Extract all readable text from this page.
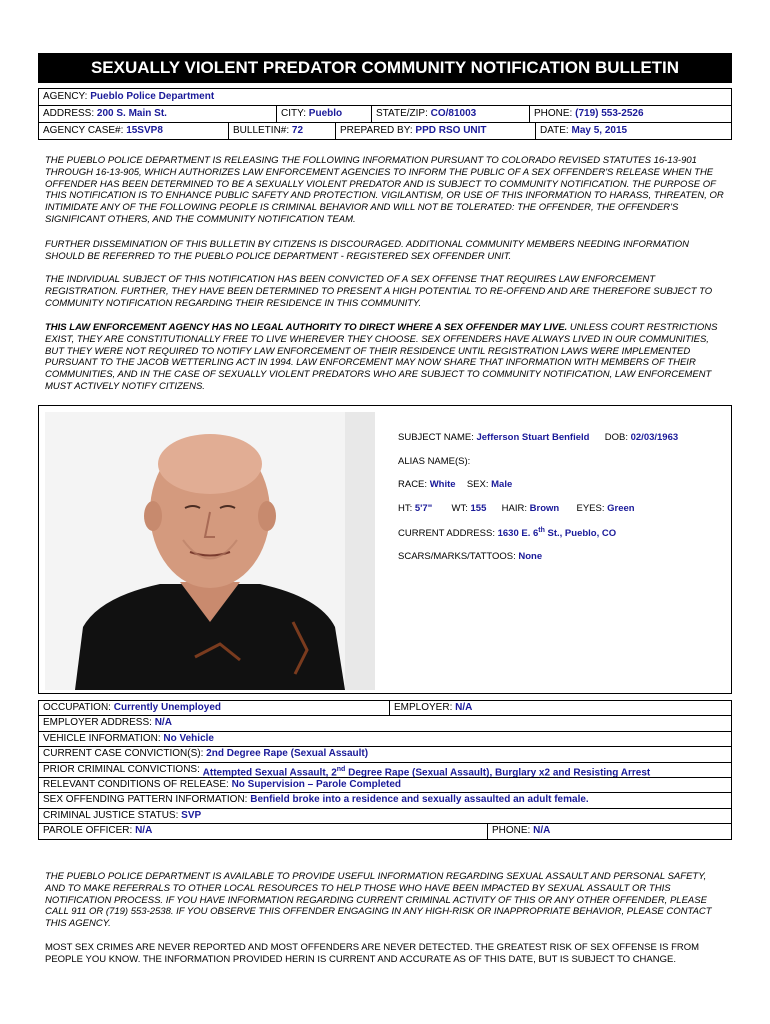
SEXUALLY VIOLENT PREDATOR COMMUNITY NOTIFICATION BULLETIN
AGENCY: Pueblo Police Department
ADDRESS: 200 S. Main St.	CITY: Pueblo	STATE/ZIP: CO/81003	PHONE: (719) 553-2526
AGENCY CASE#: 15SVP8	BULLETIN#: 72	PREPARED BY: PPD RSO UNIT	DATE: May 5, 2015

THE PUEBLO POLICE DEPARTMENT IS RELEASING THE FOLLOWING INFORMATION PURSUANT TO COLORADO REVISED STATUTES 16-13-901 THROUGH 16-13-905, WHICH AUTHORIZES LAW ENFORCEMENT AGENCIES TO INFORM THE PUBLIC OF A SEX OFFENDER'S RELEASE WHEN THE OFFENDER HAS BEEN DETERMINED TO BE A SEXUALLY VIOLENT PREDATOR AND IS SUBJECT TO COMMUNITY NOTIFICATION. THE PURPOSE OF THIS NOTIFICATION IS TO ENHANCE PUBLIC SAFETY AND PROTECTION. VIGILANTISM, OR USE OF THIS INFORMATION TO HARASS, THREATEN, OR INTIMIDATE ANY OF THE FOLLOWING PEOPLE IS CRIMINAL BEHAVIOR AND WILL NOT BE TOLERATED: THE OFFENDER, THE OFFENDER'S SIGNIFICANT OTHERS, AND THE COMMUNITY NOTIFICATION TEAM.

FURTHER DISSEMINATION OF THIS BULLETIN BY CITIZENS IS DISCOURAGED. ADDITIONAL COMMUNITY MEMBERS NEEDING INFORMATION SHOULD BE REFERRED TO THE PUEBLO POLICE DEPARTMENT - REGISTERED SEX OFFENDER UNIT.

THE INDIVIDUAL SUBJECT OF THIS NOTIFICATION HAS BEEN CONVICTED OF A SEX OFFENSE THAT REQUIRES LAW ENFORCEMENT REGISTRATION. FURTHER, THEY HAVE BEEN DETERMINED TO PRESENT A HIGH POTENTIAL TO RE-OFFEND AND ARE THEREFORE SUBJECT TO COMMUNITY NOTIFICATION REGARDING THEIR RESIDENCE IN THIS COMMUNITY.

THIS LAW ENFORCEMENT AGENCY HAS NO LEGAL AUTHORITY TO DIRECT WHERE A SEX OFFENDER MAY LIVE. UNLESS COURT RESTRICTIONS EXIST, THEY ARE CONSTITUTIONALLY FREE TO LIVE WHEREVER THEY CHOOSE. SEX OFFENDERS HAVE ALWAYS LIVED IN OUR COMMUNITIES, BUT THEY WERE NOT REQUIRED TO NOTIFY LAW ENFORCEMENT OF THEIR RESIDENCE UNTIL REGISTRATION LAWS WERE IMPLEMENTED PURSUANT TO THE JACOB WETTERLING ACT IN 1994. LAW ENFORCEMENT MAY NOW SHARE THAT INFORMATION WITH MEMBERS OF THEIR COMMUNITIES, AND IN THE CASE OF SEXUALLY VIOLENT PREDATORS WHO ARE SUBJECT TO COMMUNITY NOTIFICATION, LAW ENFORCEMENT MUST ACTIVELY NOTIFY CITIZENS.

SUBJECT NAME: Jefferson Stuart Benfield DOB: 02/03/1963
ALIAS NAME(S):
RACE: White SEX: Male
HT: 5'7" WT: 155 HAIR: Brown EYES: Green
CURRENT ADDRESS: 1630 E. 6th St., Pueblo, CO
SCARS/MARKS/TATTOOS: None
OCCUPATION: Currently Unemployed	EMPLOYER: N/A
EMPLOYER ADDRESS:
N/A
VEHICLE INFORMATION:
No Vehicle
CURRENT CASE CONVICTION(S):
2nd Degree Rape (Sexual Assault)
PRIOR CRIMINAL CONVICTIONS:
Attempted Sexual Assault, 2nd Degree Rape (Sexual Assault), Burglary x2 and Resisting Arrest
RELEVANT CONDITIONS OF RELEASE:
No Supervision – Parole Completed
SEX OFFENDING PATTERN INFORMATION:
Benfield broke into a residence and sexually assaulted an adult female.
CRIMINAL JUSTICE STATUS:
SVP
PAROLE OFFICER: N/A	PHONE: N/A

THE PUEBLO POLICE DEPARTMENT IS AVAILABLE TO PROVIDE USEFUL INFORMATION REGARDING SEXUAL ASSAULT AND PERSONAL SAFETY, AND TO MAKE REFERRALS TO OTHER LOCAL RESOURCES TO HELP THOSE WHO HAVE BEEN IMPACTED BY SEXUAL ASSAULT OR THIS NOTIFICATION PROCESS. IF YOU HAVE INFORMATION REGARDING CURRENT CRIMINAL ACTIVITY OF THIS OR ANY OTHER OFFENDER, PLEASE CALL 911 OR (719) 553-2538. IF YOU OBSERVE THIS OFFENDER ENGAGING IN ANY HIGH-RISK OR INAPPROPRIATE BEHAVIOR, PLEASE CONTACT THIS AGENCY.

MOST SEX CRIMES ARE NEVER REPORTED AND MOST OFFENDERS ARE NEVER DETECTED. THE GREATEST RISK OF SEX OFFENSE IS FROM PEOPLE YOU KNOW. THE INFORMATION PROVIDED HERIN IS CURRENT AND ACCURATE AS OF THIS DATE, BUT IS SUBJECT TO CHANGE.
